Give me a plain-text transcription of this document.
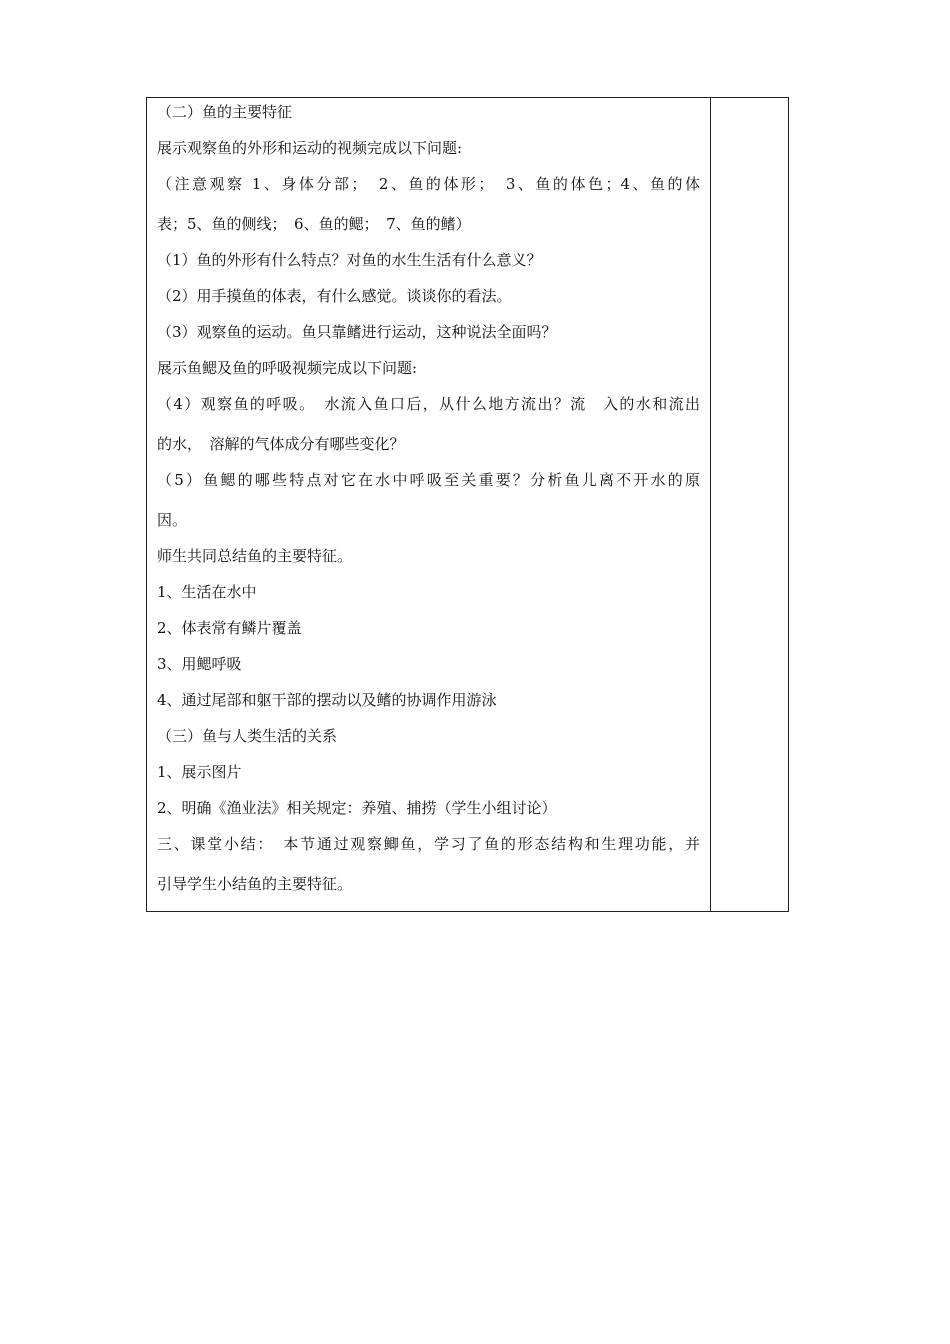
（二）鱼的主要特征
展示观察鱼的外形和运动的视频完成以下问题:
（注意观察 1、身体分部；　2、鱼的体形；　3、鱼的体色；4、鱼的体
表；5、鱼的侧线；　6、鱼的鳃；　7、鱼的鳍）
（1）鱼的外形有什么特点？对鱼的水生生活有什么意义？
（2）用手摸鱼的体表，有什么感觉。谈谈你的看法。
（3）观察鱼的运动。鱼只靠鳍进行运动，这种说法全面吗？
展示鱼鳃及鱼的呼吸视频完成以下问题:
（4）观察鱼的呼吸。　水流入鱼口后，从什么地方流出？流　入的水和流出
的水，　溶解的气体成分有哪些变化？
（5）鱼鳃的哪些特点对它在水中呼吸至关重要？分析鱼儿离不开水的原
因。
师生共同总结鱼的主要特征。
1、生活在水中
2、体表常有鳞片覆盖
3、用鳃呼吸
4、通过尾部和躯干部的摆动以及鳍的协调作用游泳
（三）鱼与人类生活的关系
1、展示图片
2、明确《渔业法》相关规定：养殖、捕捞（学生小组讨论）
三、课堂小结：　本节通过观察鲫鱼，学习了鱼的形态结构和生理功能，并
引导学生小结鱼的主要特征。
